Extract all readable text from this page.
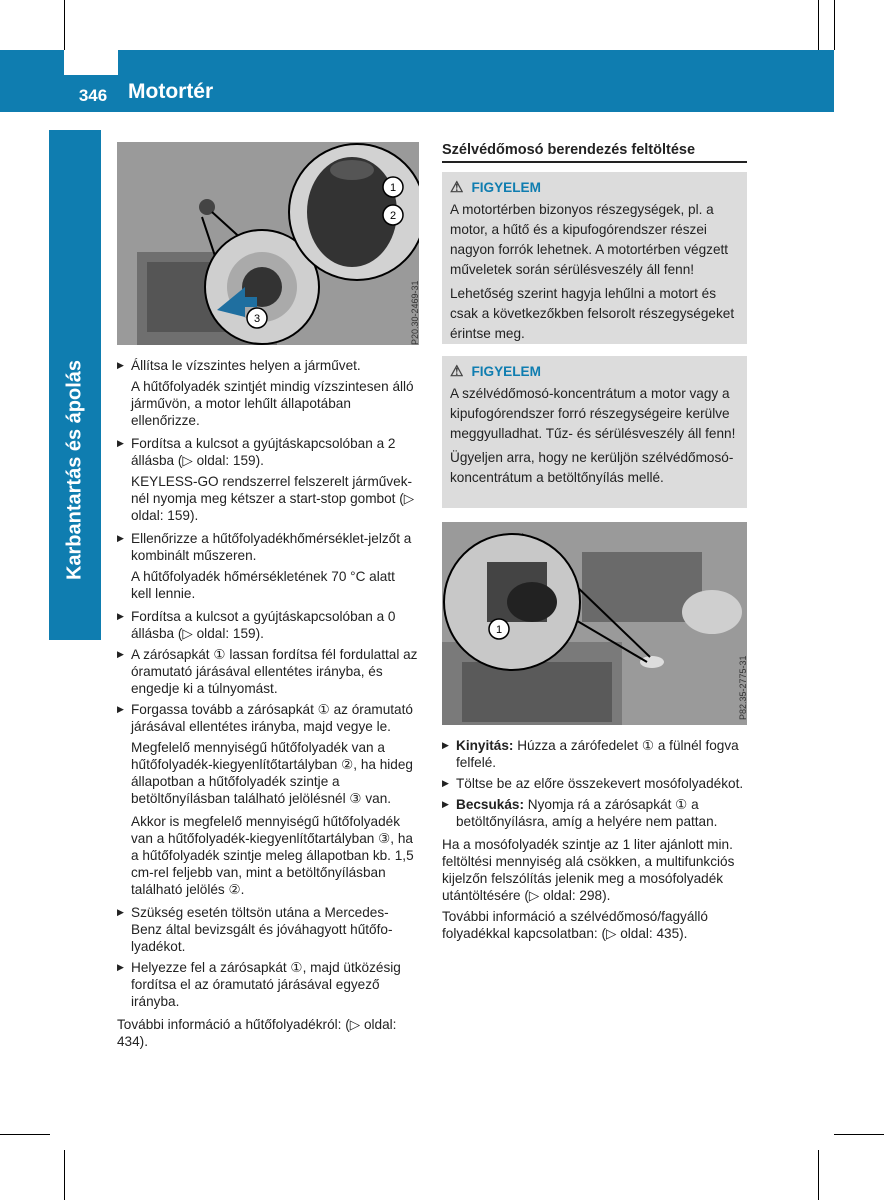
346 Motortér
Karbantartás és ápolás
1
2
3	P20.30-2469-31
▶ Állítsa le vízszintes helyen a járművet.
A hűtőfolyadék szintjét mindig vízszintesen álló járművön, a motor lehűlt állapotában ellenőrizze.
▶ Fordítsa a kulcsot a gyújtáskapcsolóban a 2 állásba (▷ oldal: 159).
KEYLESS-GO rendszerrel felszerelt járműveknél nyomja meg kétszer a start-stop gombot (▷ oldal: 159).
▶ Ellenőrizze a hűtőfolyadékhőmérséklet-jelzőt a kombinált műszeren.
A hűtőfolyadék hőmérsékletének 70 °C alatt kell lennie.
▶ Fordítsa a kulcsot a gyújtáskapcsolóban a 0 állásba (▷ oldal: 159).
▶ A zárósapkát ① lassan fordítsa fél fordulattal az óramutató járásával ellentétes irányba, és engedje ki a túlnyomást.
▶ Forgassa tovább a zárósapkát ① az óramutató járásával ellentétes irányba, majd vegye le.
Megfelelő mennyiségű hűtőfolyadék van a hűtőfolyadék-kiegyenlítőtartályban ②, ha hideg állapotban a hűtőfolyadék szintje a betöltőnyílásban található jelölésnél ③ van.
Akkor is megfelelő mennyiségű hűtőfolyadék van a hűtőfolyadék-kiegyenlítőtartályban ③, ha a hűtőfolyadék szintje meleg állapotban kb. 1,5 cm-rel feljebb van, mint a betöltőnyílásban található jelölés ②.
▶ Szükség esetén töltsön utána a Mercedes-Benz által bevizsgált és jóváhagyott hűtőfolyadékot.
▶ Helyezze fel a zárósapkát ①, majd ütközésig fordítsa el az óramutató járásával egyező irányba.
További információ a hűtőfolyadékról: (▷ oldal: 434).
Szélvédőmosó berendezés feltöltése
⚠ FIGYELEM

A motortérben bizonyos részegységek, pl. a motor, a hűtő és a kipufogórendszer részei nagyon forrók lehetnek. A motortérben végzett műveletek során sérülésveszély áll fenn!

Lehetőség szerint hagyja lehűlni a motort és csak a következőkben felsorolt részegységeket érintse meg.

⚠ FIGYELEM

A szélvédőmosó-koncentrátum a motor vagy a kipufogórendszer forró részegységeire kerülve meggyulladhat. Tűz- és sérülésveszély áll fenn!

Ügyeljen arra, hogy ne kerüljön szélvédőmosó-koncentrátum a betöltőnyílás mellé.

1
P82.35-2775-31
▶ Kinyitás: Húzza a zárófedelet ① a fülnél fogva felfelé.
▶ Töltse be az előre összekevert mosófolyadékot.
▶ Becsukás: Nyomja rá a zárósapkát ① a betöltőnyílásra, amíg a helyére nem pattan.
Ha a mosófolyadék szintje az 1 liter ajánlott min. feltöltési mennyiség alá csökken, a multifunkciós kijelzőn felszólítás jelenik meg a mosófolyadék utántöltésére (▷ oldal: 298).
További információ a szélvédőmosó/fagyálló folyadékkal kapcsolatban: (▷ oldal: 435).
